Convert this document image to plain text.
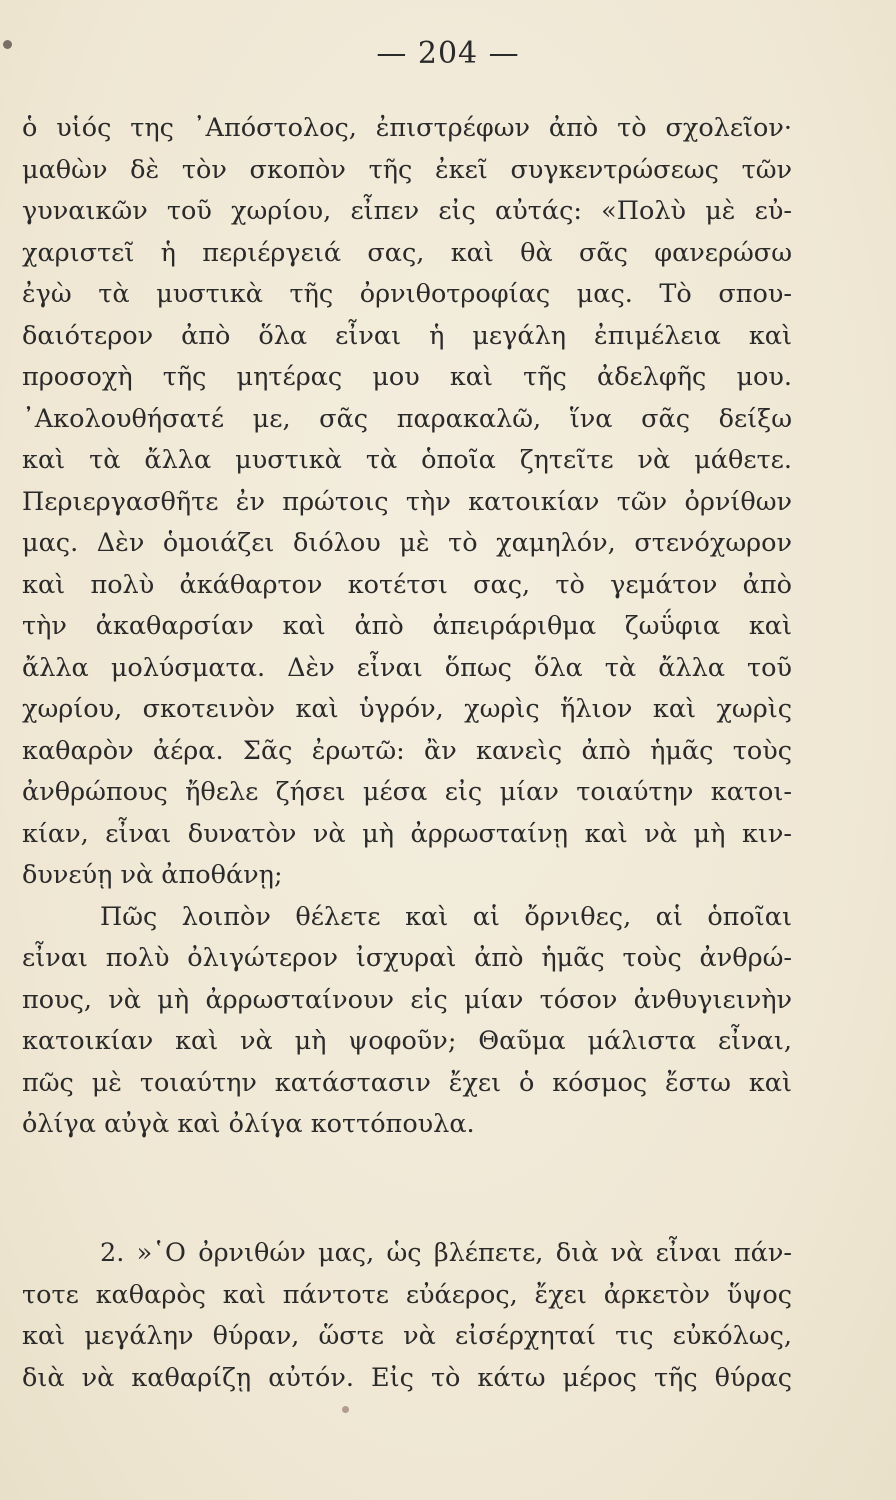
— 204 —
ὁ υἱός της ᾿Απόστολος, ἐπιστρέφων ἀπὸ τὸ σχολεῖον·
μαθὼν δὲ τὸν σκοπὸν τῆς ἐκεῖ συγκεντρώσεως τῶν
γυναικῶν τοῦ χωρίου, εἶπεν εἰς αὐτάς: «Πολὺ μὲ εὐ-
χαριστεῖ ἡ περιέργειά σας, καὶ θὰ σᾶς φανερώσω
ἐγὼ τὰ μυστικὰ τῆς ὀρνιθοτροφίας μας. Τὸ σπου-
δαιότερον ἀπὸ ὅλα εἶναι ἡ μεγάλη ἐπιμέλεια καὶ
προσοχὴ τῆς μητέρας μου καὶ τῆς ἀδελφῆς μου.
᾿Ακολουθήσατέ με, σᾶς παρακαλῶ, ἵνα σᾶς δείξω
καὶ τὰ ἄλλα μυστικὰ τὰ ὁποῖα ζητεῖτε νὰ μάθετε.
Περιεργασθῆτε ἐν πρώτοις τὴν κατοικίαν τῶν ὀρνίθων
μας. Δὲν ὁμοιάζει διόλου μὲ τὸ χαμηλόν, στενόχωρον
καὶ πολὺ ἀκάθαρτον κοτέτσι σας, τὸ γεμάτον ἀπὸ
τὴν ἀκαθαρσίαν καὶ ἀπὸ ἀπειράριθμα ζωΰφια καὶ
ἄλλα μολύσματα. Δὲν εἶναι ὅπως ὅλα τὰ ἄλλα τοῦ
χωρίου, σκοτεινὸν καὶ ὑγρόν, χωρὶς ἥλιον καὶ χωρὶς
καθαρὸν ἀέρα. Σᾶς ἐρωτῶ: ἂν κανεὶς ἀπὸ ἡμᾶς τοὺς
ἀνθρώπους ἤθελε ζήσει μέσα εἰς μίαν τοιαύτην κατοι-
κίαν, εἶναι δυνατὸν νὰ μὴ ἀρρωσταίνῃ καὶ νὰ μὴ κιν-
δυνεύῃ νὰ ἀποθάνῃ;
Πῶς λοιπὸν θέλετε καὶ αἱ ὄρνιθες, αἱ ὁποῖαι
εἶναι πολὺ ὀλιγώτερον ἰσχυραὶ ἀπὸ ἡμᾶς τοὺς ἀνθρώ-
πους, νὰ μὴ ἀρρωσταίνουν εἰς μίαν τόσον ἀνθυγιεινὴν
κατοικίαν καὶ νὰ μὴ ψοφοῦν; Θαῦμα μάλιστα εἶναι,
πῶς μὲ τοιαύτην κατάστασιν ἔχει ὁ κόσμος ἔστω καὶ
ὀλίγα αὐγὰ καὶ ὀλίγα κοττόπουλα.
2. »῾Ο ὀρνιθών μας, ὡς βλέπετε, διὰ νὰ εἶναι πάν-
τοτε καθαρὸς καὶ πάντοτε εὐάερος, ἔχει ἀρκετὸν ὕψος
καὶ μεγάλην θύραν, ὥστε νὰ εἰσέρχηταί τις εὐκόλως,
διὰ νὰ καθαρίζῃ αὐτόν. Εἰς τὸ κάτω μέρος τῆς θύρας
